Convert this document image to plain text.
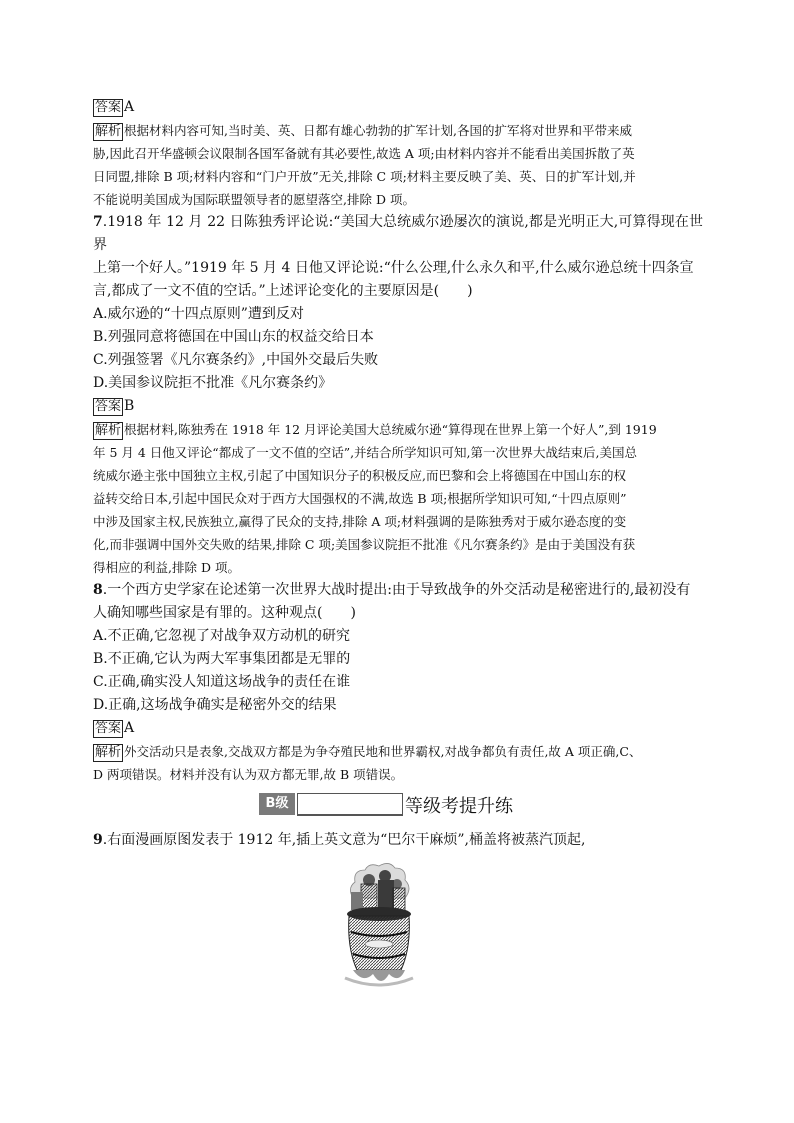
答案 A
解析 根据材料内容可知,当时美、英、日都有雄心勃勃的扩军计划,各国的扩军将对世界和平带来威
胁,因此召开华盛顿会议限制各国军备就有其必要性,故选 A 项;由材料内容并不能看出美国拆散了英
日同盟,排除 B 项;材料内容和“门户开放”无关,排除 C 项;材料主要反映了美、英、日的扩军计划,并
不能说明美国成为国际联盟领导者的愿望落空,排除 D 项。
7.1918 年 12 月 22 日陈独秀评论说:“美国大总统威尔逊屡次的演说,都是光明正大,可算得现在世界
上第一个好人。”1919 年 5 月 4 日他又评论说:“什么公理,什么永久和平,什么威尔逊总统十四条宣
言,都成了一文不值的空话。”上述评论变化的主要原因是(　　)
A.威尔逊的“十四点原则”遭到反对
B.列强同意将德国在中国山东的权益交给日本
C.列强签署《凡尔赛条约》,中国外交最后失败
D.美国参议院拒不批准《凡尔赛条约》
答案 B
解析 根据材料,陈独秀在 1918 年 12 月评论美国大总统威尔逊“算得现在世界上第一个好人”,到 1919
年 5 月 4 日他又评论“都成了一文不值的空话”,并结合所学知识可知,第一次世界大战结束后,美国总
统威尔逊主张中国独立主权,引起了中国知识分子的积极反应,而巴黎和会上将德国在中国山东的权
益转交给日本,引起中国民众对于西方大国强权的不满,故选 B 项;根据所学知识可知,“十四点原则”
中涉及国家主权,民族独立,赢得了民众的支持,排除 A 项;材料强调的是陈独秀对于威尔逊态度的变
化,而非强调中国外交失败的结果,排除 C 项;美国参议院拒不批准《凡尔赛条约》是由于美国没有获
得相应的利益,排除 D 项。
8.一个西方史学家在论述第一次世界大战时提出:由于导致战争的外交活动是秘密进行的,最初没有
人确知哪些国家是有罪的。这种观点(　　)
A.不正确,它忽视了对战争双方动机的研究
B.不正确,它认为两大军事集团都是无罪的
C.正确,确实没人知道这场战争的责任在谁
D.正确,这场战争确实是秘密外交的结果
答案 A
解析 外交活动只是表象,交战双方都是为争夺殖民地和世界霸权,对战争都负有责任,故 A 项正确,C、
D 两项错误。材料并没有认为双方都无罪,故 B 项错误。
B级	等级考提升练
9.右面漫画原图发表于 1912 年,插上英文意为“巴尔干麻烦”,桶盖将被蒸汽顶起,
